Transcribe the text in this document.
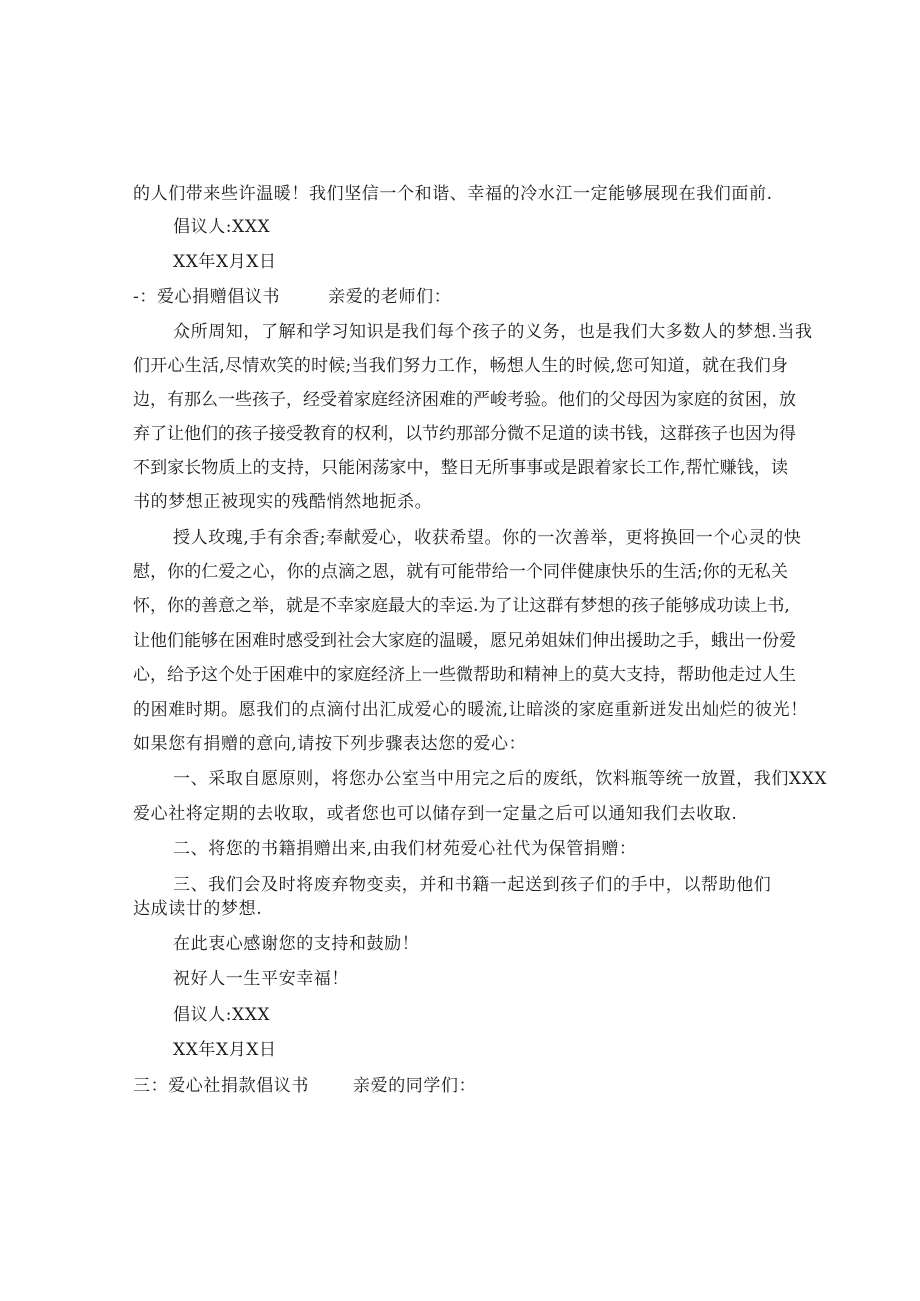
的人们带来些许温暖！我们坚信一个和谐、幸福的冷水江一定能够展现在我们面前.
倡议人:XXX
XX年X月X日
-：爱心捐赠倡议书	亲爱的老师们：
众所周知，了解和学习知识是我们每个孩子的义务，也是我们大多数人的梦想.当我
们开心生活,尽情欢笑的时候;当我们努力工作，畅想人生的时候,您可知道，就在我们身
边，有那么一些孩子，经受着家庭经济困难的严峻考验。他们的父母因为家庭的贫困，放
弃了让他们的孩子接受教育的权利，以节约那部分微不足道的读书钱，这群孩子也因为得
不到家长物质上的支持，只能闲荡家中，整日无所事事或是跟着家长工作,帮忙赚钱，读
书的梦想正被现实的残酷悄然地扼杀。
授人玫瑰,手有余香;奉献爱心，收获希望。你的一次善举，更将换回一个心灵的快
慰，你的仁爱之心，你的点滴之恩，就有可能带给一个同伴健康快乐的生活;你的无私关
怀，你的善意之举，就是不幸家庭最大的幸运.为了让这群有梦想的孩子能够成功读上书,
让他们能够在困难时感受到社会大家庭的温暖，愿兄弟姐妹们伸出援助之手，蛾出一份爱
心，给予这个处于困难中的家庭经济上一些微帮助和精神上的莫大支持，帮助他走过人生
的困难时期。愿我们的点滴付出汇成爱心的暖流,让暗淡的家庭重新迸发出灿烂的彼光！
如果您有捐赠的意向,请按下列步骤表达您的爱心：
一、采取自愿原则，将您办公室当中用完之后的废纸，饮料瓶等统一放置，我们XXX
爱心社将定期的去收取，或者您也可以储存到一定量之后可以通知我们去收取.
二、将您的书籍捐赠出来,由我们材苑爱心社代为保管捐赠：
三、我们会及时将废弃物变卖，并和书籍一起送到孩子们的手中，以帮助他们
达成读廿的梦想.
在此衷心感谢您的支持和鼓励！
祝好人一生平安幸福！
倡议人:XXX
XX年X月X日
三：爱心社捐款倡议书	亲爱的同学们：
